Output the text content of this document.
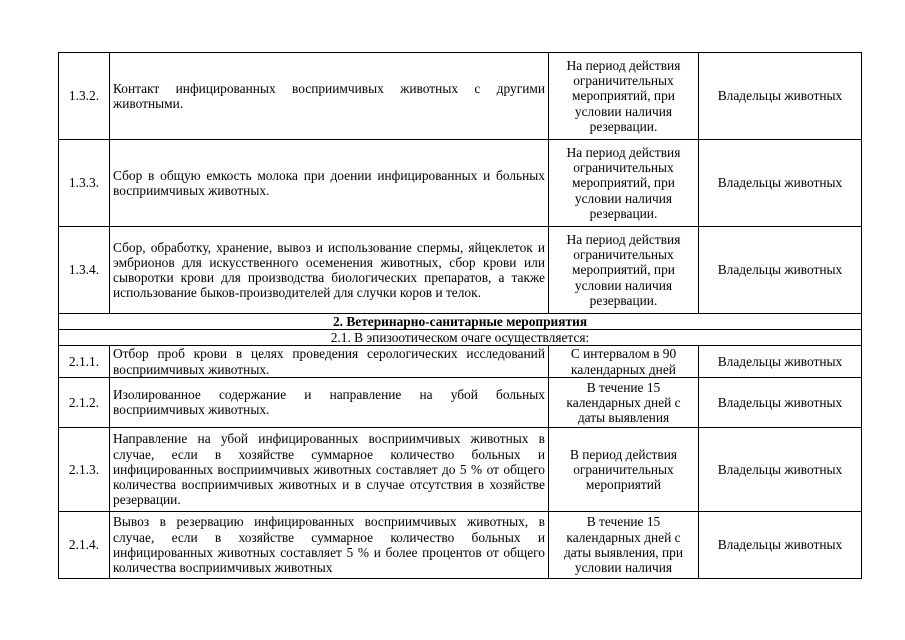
1.3.2.	Контакт инфицированных восприимчивых животных с другими животными.	На период действия ограничительных мероприятий, при условии наличия резервации.	Владельцы животных
1.3.3.	Сбор в общую емкость молока при доении инфицированных и больных восприимчивых животных.	На период действия ограничительных мероприятий, при условии наличия резервации.	Владельцы животных
1.3.4.	Сбор, обработку, хранение, вывоз и использование спермы, яйцеклеток и эмбрионов для искусственного осеменения животных, сбор крови или сыворотки крови для производства биологических препаратов, а также использование быков-производителей для случки коров и телок.	На период действия ограничительных мероприятий, при условии наличия резервации.	Владельцы животных
2. Ветеринарно-санитарные мероприятия			
2.1. В эпизоотическом очаге осуществляется:			
2.1.1.	Отбор проб крови в целях проведения серологических исследований восприимчивых животных.	С интервалом в 90 календарных дней	Владельцы животных
2.1.2.	Изолированное содержание и направление на убой больных восприимчивых животных.	В течение 15 календарных дней с даты выявления	Владельцы животных
2.1.3.	Направление на убой инфицированных восприимчивых животных в случае, если в хозяйстве суммарное количество больных и инфицированных восприимчивых животных составляет до 5 % от общего количества восприимчивых животных и в случае отсутствия в хозяйстве резервации.	В период действия ограничительных мероприятий	Владельцы животных
2.1.4.	Вывоз в резервацию инфицированных восприимчивых животных, в случае, если в хозяйстве суммарное количество больных и инфицированных животных составляет 5 % и более процентов от общего количества восприимчивых животных	В течение 15 календарных дней с даты выявления, при условии наличия	Владельцы животных
